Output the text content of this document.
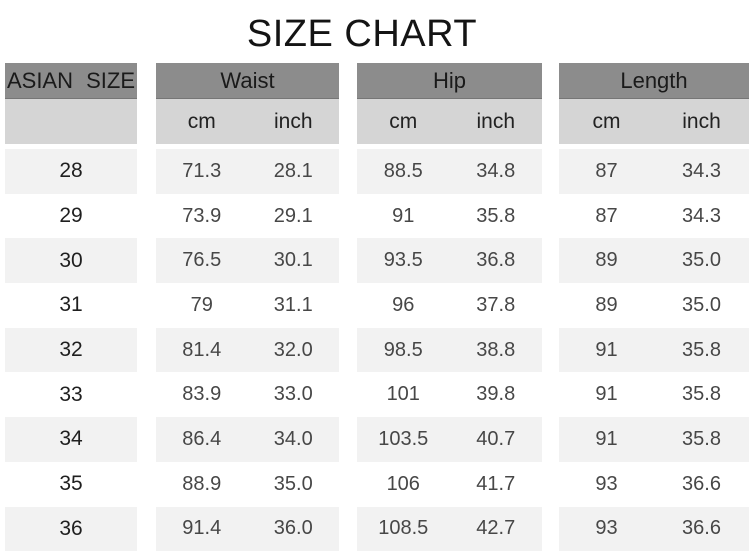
SIZE CHART
ASIAN SIZE	Waist	Hip	Length
cm	inch	cm	inch	cm	inch
28	71.3	28.1	88.5	34.8	87	34.3
29	73.9	29.1	91	35.8	87	34.3
30	76.5	30.1	93.5	36.8	89	35.0
31	79	31.1	96	37.8	89	35.0
32	81.4	32.0	98.5	38.8	91	35.8
33	83.9	33.0	101	39.8	91	35.8
34	86.4	34.0	103.5	40.7	91	35.8
35	88.9	35.0	106	41.7	93	36.6
36	91.4	36.0	108.5	42.7	93	36.6
